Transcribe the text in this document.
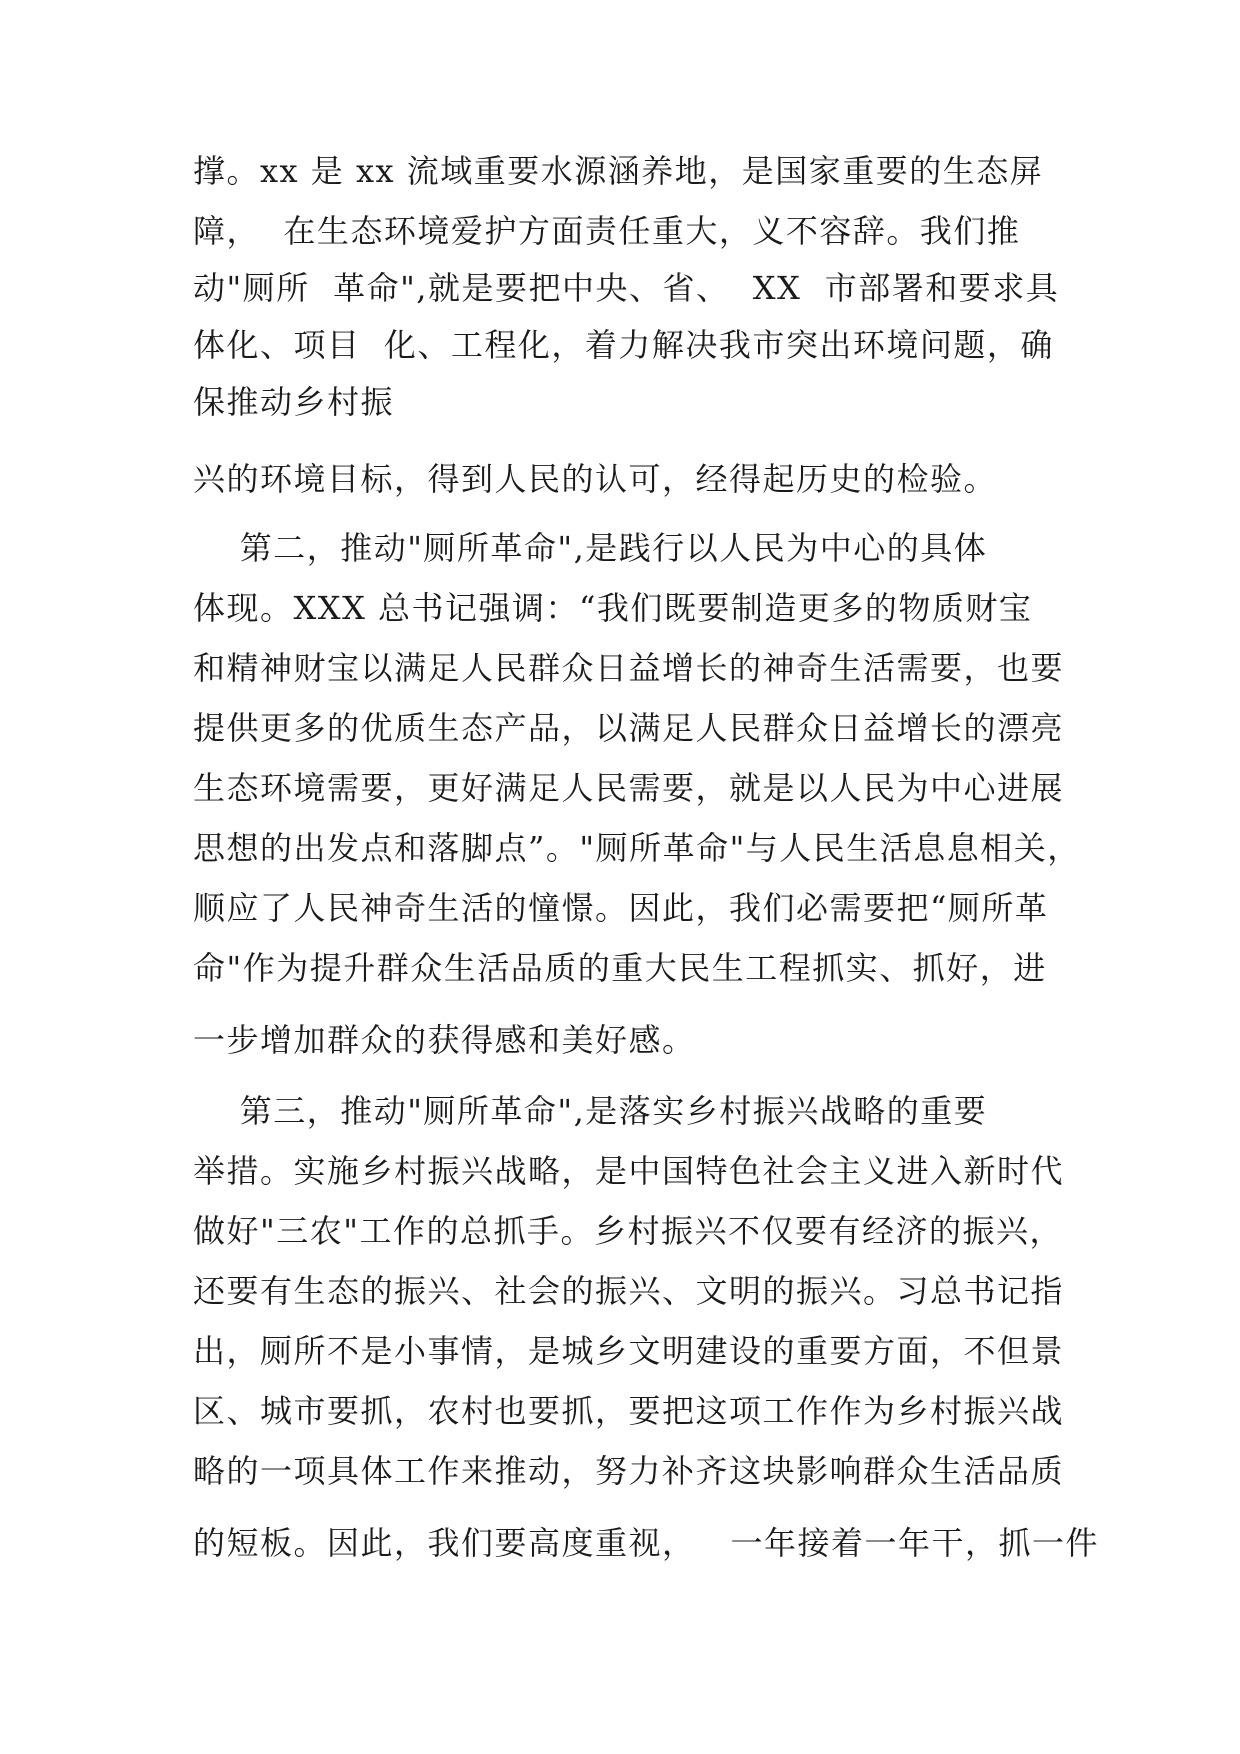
撑。xx 是 xx 流域重要水源涵养地，是国家重要的生态屏
障，  在生态环境爱护方面责任重大，义不容辞。我们推
动"厕所  革命",就是要把中央、省、  XX  市部署和要求具
体化、项目  化、工程化，着力解决我市突出环境问题，确
保推动乡村振
兴的环境目标，得到人民的认可，经得起历史的检验。
第二，推动"厕所革命",是践行以人民为中心的具体
体现。XXX 总书记强调：“我们既要制造更多的物质财宝
和精神财宝以满足人民群众日益增长的神奇生活需要，也要
提供更多的优质生态产品，以满足人民群众日益增长的漂亮
生态环境需要，更好满足人民需要，就是以人民为中心进展
思想的出发点和落脚点”。"厕所革命"与人民生活息息相关，
顺应了人民神奇生活的憧憬。因此，我们必需要把“厕所革
命"作为提升群众生活品质的重大民生工程抓实、抓好，进
一步增加群众的获得感和美好感。
第三，推动"厕所革命",是落实乡村振兴战略的重要
举措。实施乡村振兴战略，是中国特色社会主义进入新时代
做好"三农"工作的总抓手。乡村振兴不仅要有经济的振兴，
还要有生态的振兴、社会的振兴、文明的振兴。习总书记指
出，厕所不是小事情，是城乡文明建设的重要方面，不但景
区、城市要抓，农村也要抓，要把这项工作作为乡村振兴战
略的一项具体工作来推动，努力补齐这块影响群众生活品质
的短板。因此，我们要高度重视，   一年接着一年干，抓一件
